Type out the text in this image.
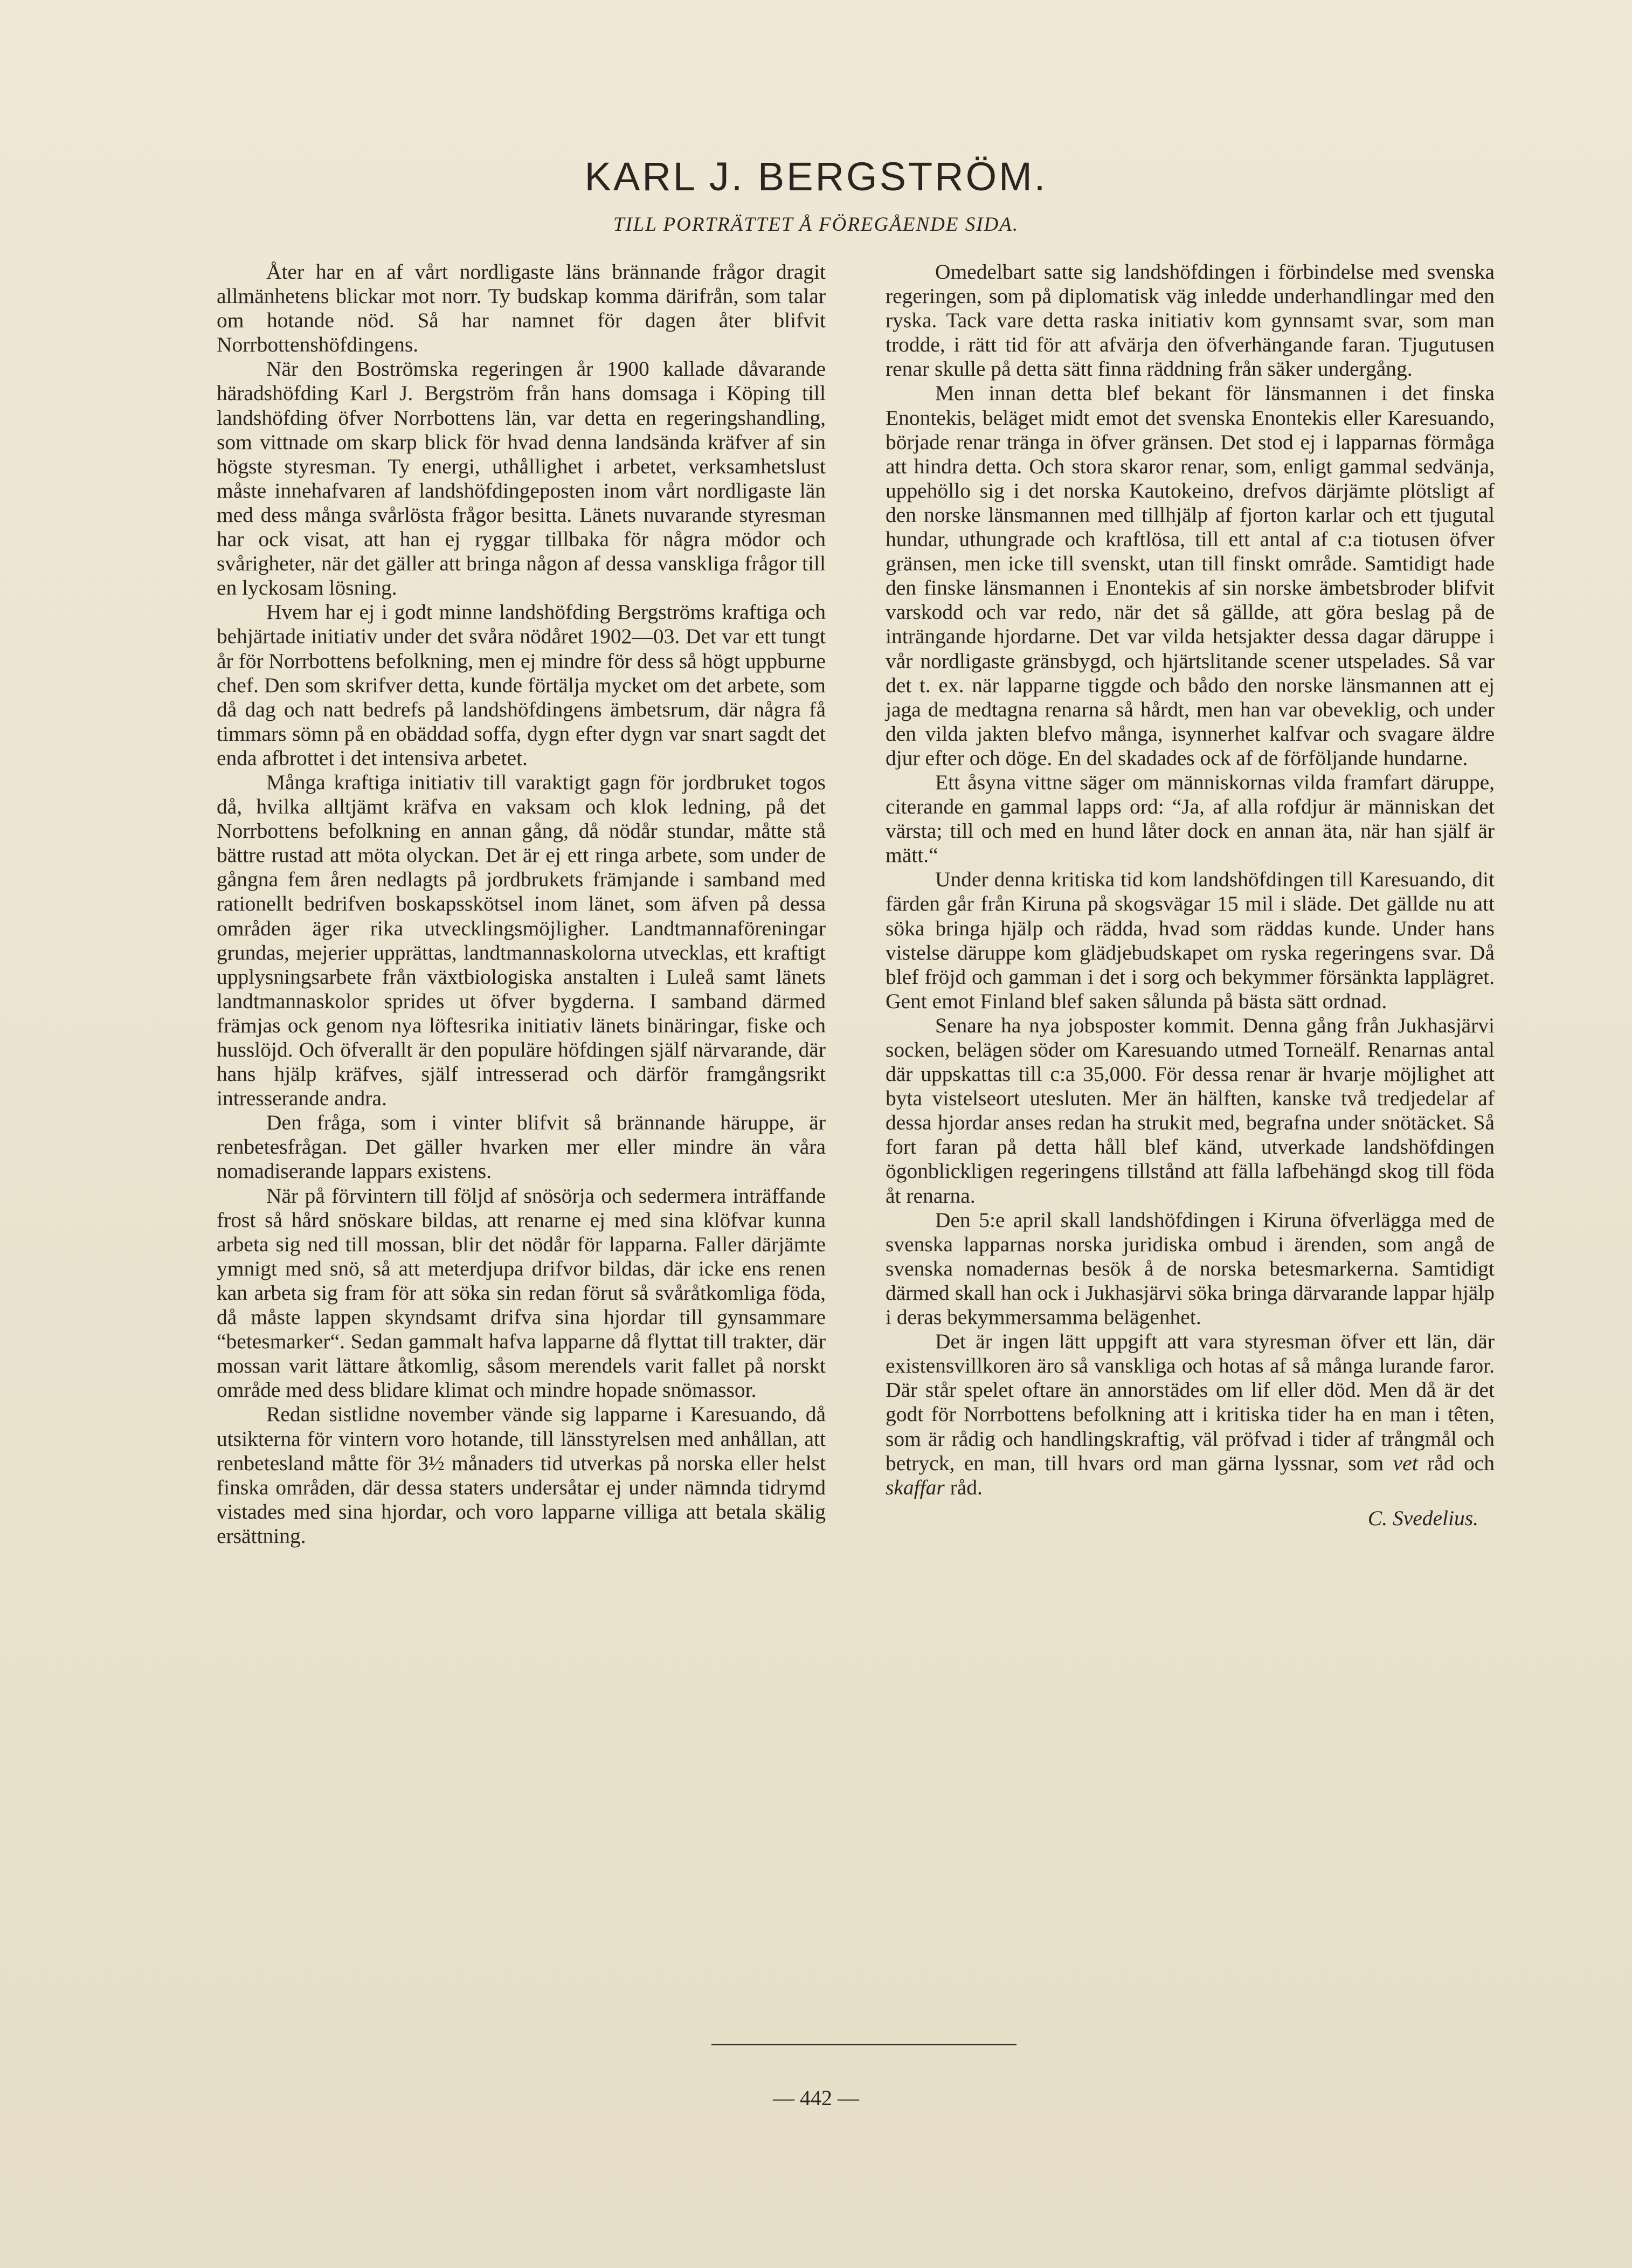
KARL J. BERGSTRÖM.
TILL PORTRÄTTET Å FÖREGÅENDE SIDA.

Åter har en af vårt nordligaste läns brännande frågor dragit allmänhetens blickar mot norr. Ty budskap komma därifrån, som talar om hotande nöd. Så har namnet för dagen åter blifvit Norrbottenshöfdingens.

När den Boströmska regeringen år 1900 kallade dåvarande häradshöfding Karl J. Bergström från hans domsaga i Köping till landshöfding öfver Norrbottens län, var detta en regeringshandling, som vittnade om skarp blick för hvad denna landsända kräfver af sin högste styresman. Ty energi, uthållighet i arbetet, verksamhetslust måste innehafvaren af landshöfdingeposten inom vårt nordligaste län med dess många svårlösta frågor besitta. Länets nuvarande styresman har ock visat, att han ej ryggar tillbaka för några mödor och svårigheter, när det gäller att bringa någon af dessa vanskliga frågor till en lyckosam lösning.

Hvem har ej i godt minne landshöfding Bergströms kraftiga och behjärtade initiativ under det svåra nödåret 1902—03. Det var ett tungt år för Norrbottens befolkning, men ej mindre för dess så högt uppburne chef. Den som skrifver detta, kunde förtälja mycket om det arbete, som då dag och natt bedrefs på landshöfdingens ämbetsrum, där några få timmars sömn på en obäddad soffa, dygn efter dygn var snart sagdt det enda afbrottet i det intensiva arbetet.

Många kraftiga initiativ till varaktigt gagn för jordbruket togos då, hvilka alltjämt kräfva en vaksam och klok ledning, på det Norrbottens befolkning en annan gång, då nödår stundar, måtte stå bättre rustad att möta olyckan. Det är ej ett ringa arbete, som under de gångna fem åren nedlagts på jordbrukets främjande i samband med rationellt bedrifven boskapsskötsel inom länet, som äfven på dessa områden äger rika utvecklingsmöjligher. Landtmannaföreningar grundas, mejerier upprättas, landtmannaskolorna utvecklas, ett kraftigt upplysningsarbete från växtbiologiska anstalten i Luleå samt länets landtmannaskolor sprides ut öfver bygderna. I samband därmed främjas ock genom nya löftesrika initiativ länets binäringar, fiske och husslöjd. Och öfverallt är den populäre höfdingen själf närvarande, där hans hjälp kräfves, själf intresserad och därför framgångsrikt intresserande andra.

Den fråga, som i vinter blifvit så brännande häruppe, är renbetesfrågan. Det gäller hvarken mer eller mindre än våra nomadiserande lappars existens.

När på förvintern till följd af snösörja och sedermera inträffande frost så hård snöskare bildas, att renarne ej med sina klöfvar kunna arbeta sig ned till mossan, blir det nödår för lapparna. Faller därjämte ymnigt med snö, så att meterdjupa drifvor bildas, där icke ens renen kan arbeta sig fram för att söka sin redan förut så svåråtkomliga föda, då måste lappen skyndsamt drifva sina hjordar till gynsammare “betesmarker“. Sedan gammalt hafva lapparne då flyttat till trakter, där mossan varit lättare åtkomlig, såsom merendels varit fallet på norskt område med dess blidare klimat och mindre hopade snömassor.

Redan sistlidne november vände sig lapparne i Karesuando, då utsikterna för vintern voro hotande, till länsstyrelsen med anhållan, att renbetesland måtte för 3½ månaders tid utverkas på norska eller helst finska områden, där dessa staters undersåtar ej under nämnda tidrymd vistades med sina hjordar, och voro lapparne villiga att betala skälig ersättning.

Omedelbart satte sig landshöfdingen i förbindelse med svenska regeringen, som på diplomatisk väg inledde underhandlingar med den ryska. Tack vare detta raska initiativ kom gynnsamt svar, som man trodde, i rätt tid för att afvärja den öfverhängande faran. Tjugutusen renar skulle på detta sätt finna räddning från säker undergång.

Men innan detta blef bekant för länsmannen i det finska Enontekis, beläget midt emot det svenska Enontekis eller Karesuando, började renar tränga in öfver gränsen. Det stod ej i lapparnas förmåga att hindra detta. Och stora skaror renar, som, enligt gammal sedvänja, uppehöllo sig i det norska Kautokeino, drefvos därjämte plötsligt af den norske länsmannen med tillhjälp af fjorton karlar och ett tjugutal hundar, uthungrade och kraftlösa, till ett antal af c:a tiotusen öfver gränsen, men icke till svenskt, utan till finskt område. Samtidigt hade den finske länsmannen i Enontekis af sin norske ämbetsbroder blifvit varskodd och var redo, när det så gällde, att göra beslag på de inträngande hjordarne. Det var vilda hetsjakter dessa dagar däruppe i vår nordligaste gränsbygd, och hjärtslitande scener utspelades. Så var det t. ex. när lapparne tiggde och bådo den norske länsmannen att ej jaga de medtagna renarna så hårdt, men han var obeveklig, och under den vilda jakten blefvo många, isynnerhet kalfvar och svagare äldre djur efter och döge. En del skadades ock af de förföljande hundarne.

Ett åsyna vittne säger om människornas vilda framfart däruppe, citerande en gammal lapps ord: “Ja, af alla rofdjur är människan det värsta; till och med en hund låter dock en annan äta, när han själf är mätt.“

Under denna kritiska tid kom landshöfdingen till Karesuando, dit färden går från Kiruna på skogsvägar 15 mil i släde. Det gällde nu att söka bringa hjälp och rädda, hvad som räddas kunde. Under hans vistelse däruppe kom glädjebudskapet om ryska regeringens svar. Då blef fröjd och gamman i det i sorg och bekymmer försänkta lapplägret. Gent emot Finland blef saken sålunda på bästa sätt ordnad.

Senare ha nya jobsposter kommit. Denna gång från Jukhasjärvi socken, belägen söder om Karesuando utmed Torneälf. Renarnas antal där uppskattas till c:a 35,000. För dessa renar är hvarje möjlighet att byta vistelseort utesluten. Mer än hälften, kanske två tredjedelar af dessa hjordar anses redan ha strukit med, begrafna under snötäcket. Så fort faran på detta håll blef känd, utverkade landshöfdingen ögonblickligen regeringens tillstånd att fälla lafbehängd skog till föda åt renarna.

Den 5:e april skall landshöfdingen i Kiruna öfverlägga med de svenska lapparnas norska juridiska ombud i ärenden, som angå de svenska nomadernas besök å de norska betesmarkerna. Samtidigt därmed skall han ock i Jukhasjärvi söka bringa därvarande lappar hjälp i deras bekymmersamma belägenhet.

Det är ingen lätt uppgift att vara styresman öfver ett län, där existensvillkoren äro så vanskliga och hotas af så många lurande faror. Där står spelet oftare än annorstädes om lif eller död. Men då är det godt för Norrbottens befolkning att i kritiska tider ha en man i têten, som är rådig och handlingskraftig, väl pröfvad i tider af trångmål och betryck, en man, till hvars ord man gärna lyssnar, som vet råd och skaffar råd.

C. Svedelius.

— 442 —
